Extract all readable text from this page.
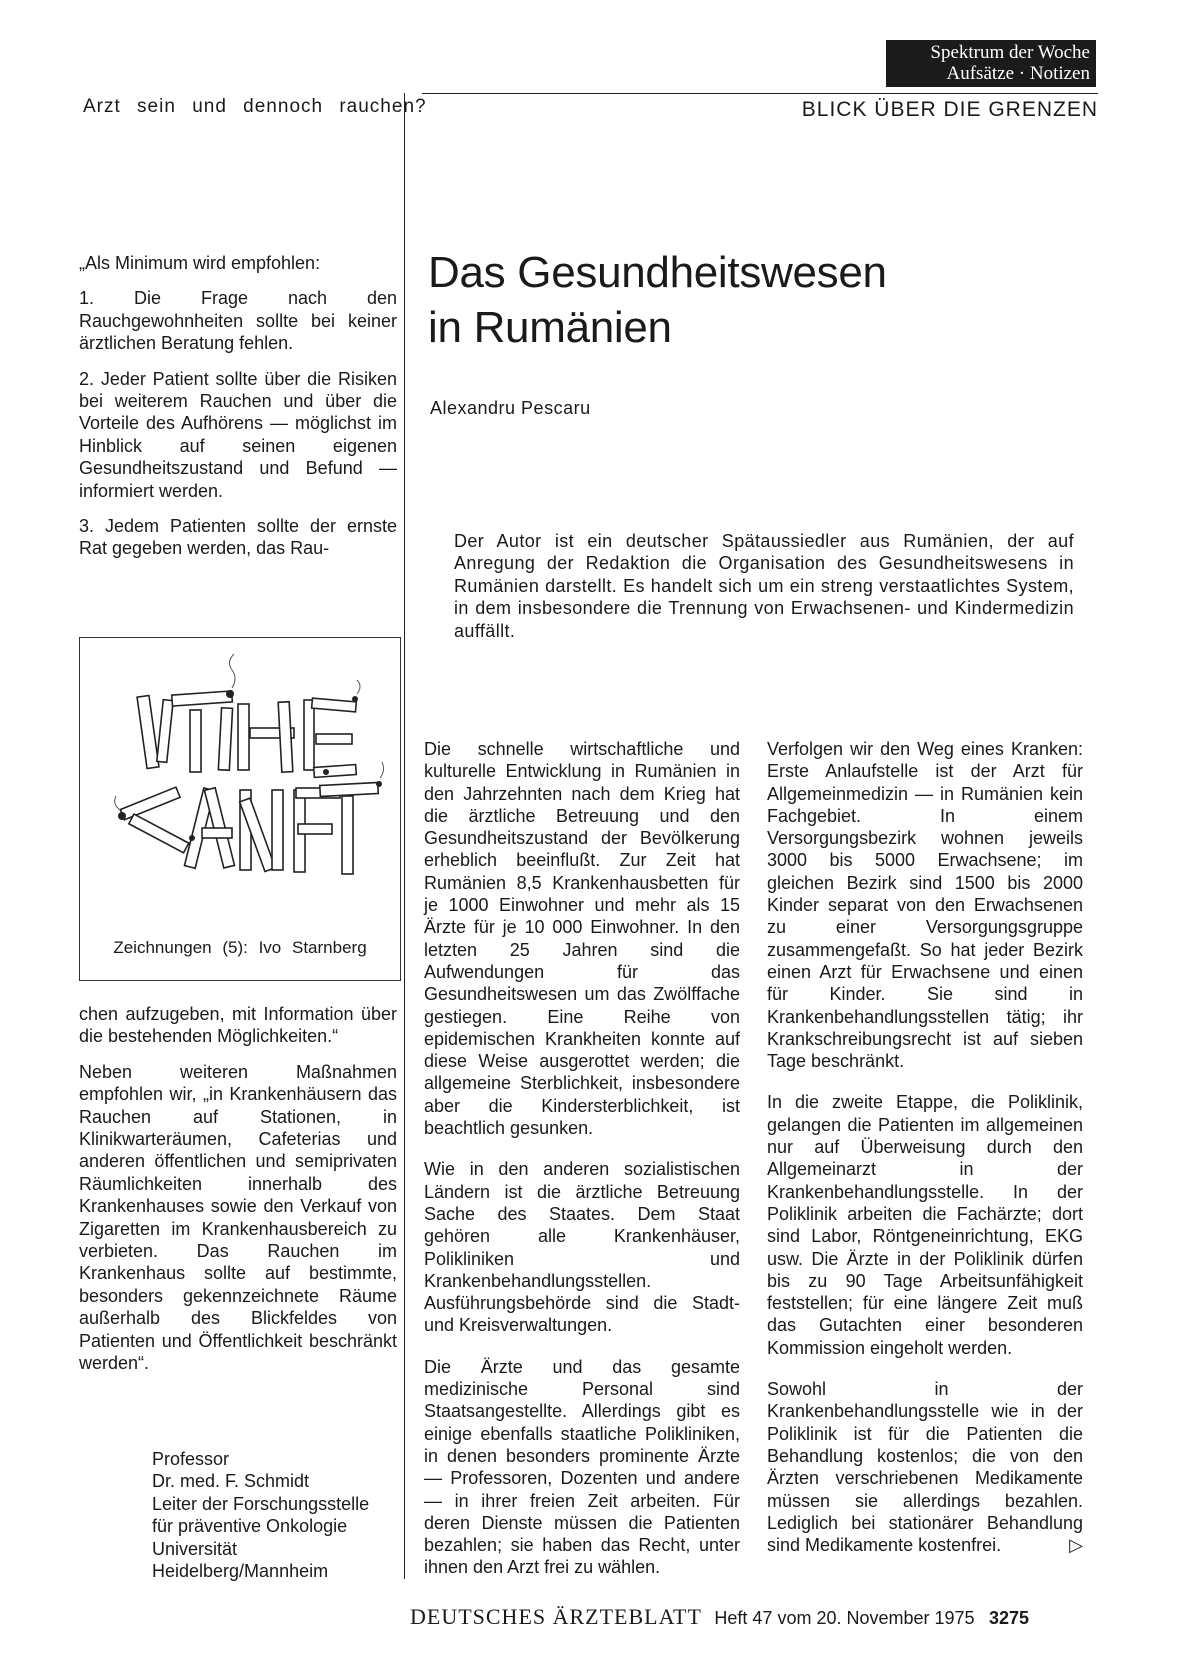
Spektrum der Woche
Aufsätze · Notizen
Arzt sein und dennoch rauchen?	BLICK ÜBER DIE GRENZEN

„Als Minimum wird empfohlen:

1. Die Frage nach den Rauchgewohnheiten sollte bei keiner ärztlichen Beratung fehlen.

2. Jeder Patient sollte über die Risiken bei weiterem Rauchen und über die Vorteile des Aufhörens — möglichst im Hinblick auf seinen eigenen Gesundheitszustand und Befund — informiert werden.

3. Jedem Patienten sollte der ernste Rat gegeben werden, das Rau-

Zeichnungen (5): Ivo Starnberg

chen aufzugeben, mit Information über die bestehenden Möglichkeiten.“

Neben weiteren Maßnahmen empfohlen wir, „in Krankenhäusern das Rauchen auf Stationen, in Klinikwarteräumen, Cafeterias und anderen öffentlichen und semiprivaten Räumlichkeiten innerhalb des Krankenhauses sowie den Verkauf von Zigaretten im Krankenhausbereich zu verbieten. Das Rauchen im Krankenhaus sollte auf bestimmte, besonders gekennzeichnete Räume außerhalb des Blickfeldes von Patienten und Öffentlichkeit beschränkt werden“.

Professor
Dr. med. F. Schmidt
Leiter der Forschungsstelle
für präventive Onkologie
Universität
Heidelberg/Mannheim
Das Gesundheitswesen
in Rumänien
Alexandru Pescaru
Der Autor ist ein deutscher Spätaussiedler aus Rumänien, der auf Anregung der Redaktion die Organisation des Gesundheitswesens in Rumänien darstellt. Es handelt sich um ein streng verstaatlichtes System, in dem insbesondere die Trennung von Erwachsenen- und Kindermedizin auffällt.

Die schnelle wirtschaftliche und kulturelle Entwicklung in Rumänien in den Jahrzehnten nach dem Krieg hat die ärztliche Betreuung und den Gesundheitszustand der Bevölkerung erheblich beeinflußt. Zur Zeit hat Rumänien 8,5 Krankenhausbetten für je 1000 Einwohner und mehr als 15 Ärzte für je 10 000 Einwohner. In den letzten 25 Jahren sind die Aufwendungen für das Gesundheitswesen um das Zwölffache gestiegen. Eine Reihe von epidemischen Krankheiten konnte auf diese Weise ausgerottet werden; die allgemeine Sterblichkeit, insbesondere aber die Kindersterblichkeit, ist beachtlich gesunken.

Wie in den anderen sozialistischen Ländern ist die ärztliche Betreuung Sache des Staates. Dem Staat gehören alle Krankenhäuser, Polikliniken und Krankenbehandlungsstellen. Ausführungsbehörde sind die Stadt- und Kreisverwaltungen.

Die Ärzte und das gesamte medizinische Personal sind Staatsangestellte. Allerdings gibt es einige ebenfalls staatliche Polikliniken, in denen besonders prominente Ärzte — Professoren, Dozenten und andere — in ihrer freien Zeit arbeiten. Für deren Dienste müssen die Patienten bezahlen; sie haben das Recht, unter ihnen den Arzt frei zu wählen.

Verfolgen wir den Weg eines Kranken: Erste Anlaufstelle ist der Arzt für Allgemeinmedizin — in Rumänien kein Fachgebiet. In einem Versorgungsbezirk wohnen jeweils 3000 bis 5000 Erwachsene; im gleichen Bezirk sind 1500 bis 2000 Kinder separat von den Erwachsenen zu einer Versorgungsgruppe zusammengefaßt. So hat jeder Bezirk einen Arzt für Erwachsene und einen für Kinder. Sie sind in Krankenbehandlungsstellen tätig; ihr Krankschreibungsrecht ist auf sieben Tage beschränkt.

In die zweite Etappe, die Poliklinik, gelangen die Patienten im allgemeinen nur auf Überweisung durch den Allgemeinarzt in der Krankenbehandlungsstelle. In der Poliklinik arbeiten die Fachärzte; dort sind Labor, Röntgeneinrichtung, EKG usw. Die Ärzte in der Poliklinik dürfen bis zu 90 Tage Arbeitsunfähigkeit feststellen; für eine längere Zeit muß das Gutachten einer besonderen Kommission eingeholt werden.

Sowohl in der Krankenbehandlungsstelle wie in der Poliklinik ist für die Patienten die Behandlung kostenlos; die von den Ärzten verschriebenen Medikamente müssen sie allerdings bezahlen. Lediglich bei stationärer Behandlung sind Medikamente kostenfrei.	▷

DEUTSCHES ÄRZTEBLATT Heft 47 vom 20. November 1975 3275
